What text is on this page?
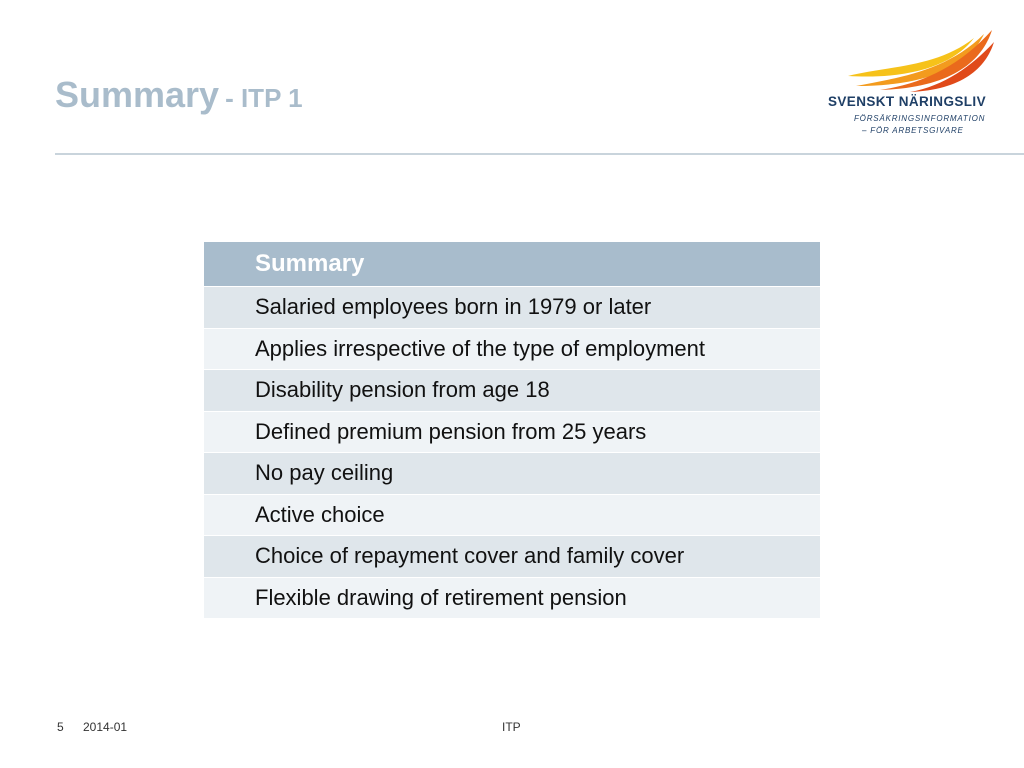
Summary - ITP 1	SVENSKT NÄRINGSLIV
FÖRSÄKRINGSINFORMATION
– FÖR ARBETSGIVARE
Summary
Salaried employees born in 1979 or later
Applies irrespective of the type of employment
Disability pension from age 18
Defined premium pension from 25 years
No pay ceiling
Active choice
Choice of repayment cover and family cover
Flexible drawing of retirement pension
5 2014-01	ITP
